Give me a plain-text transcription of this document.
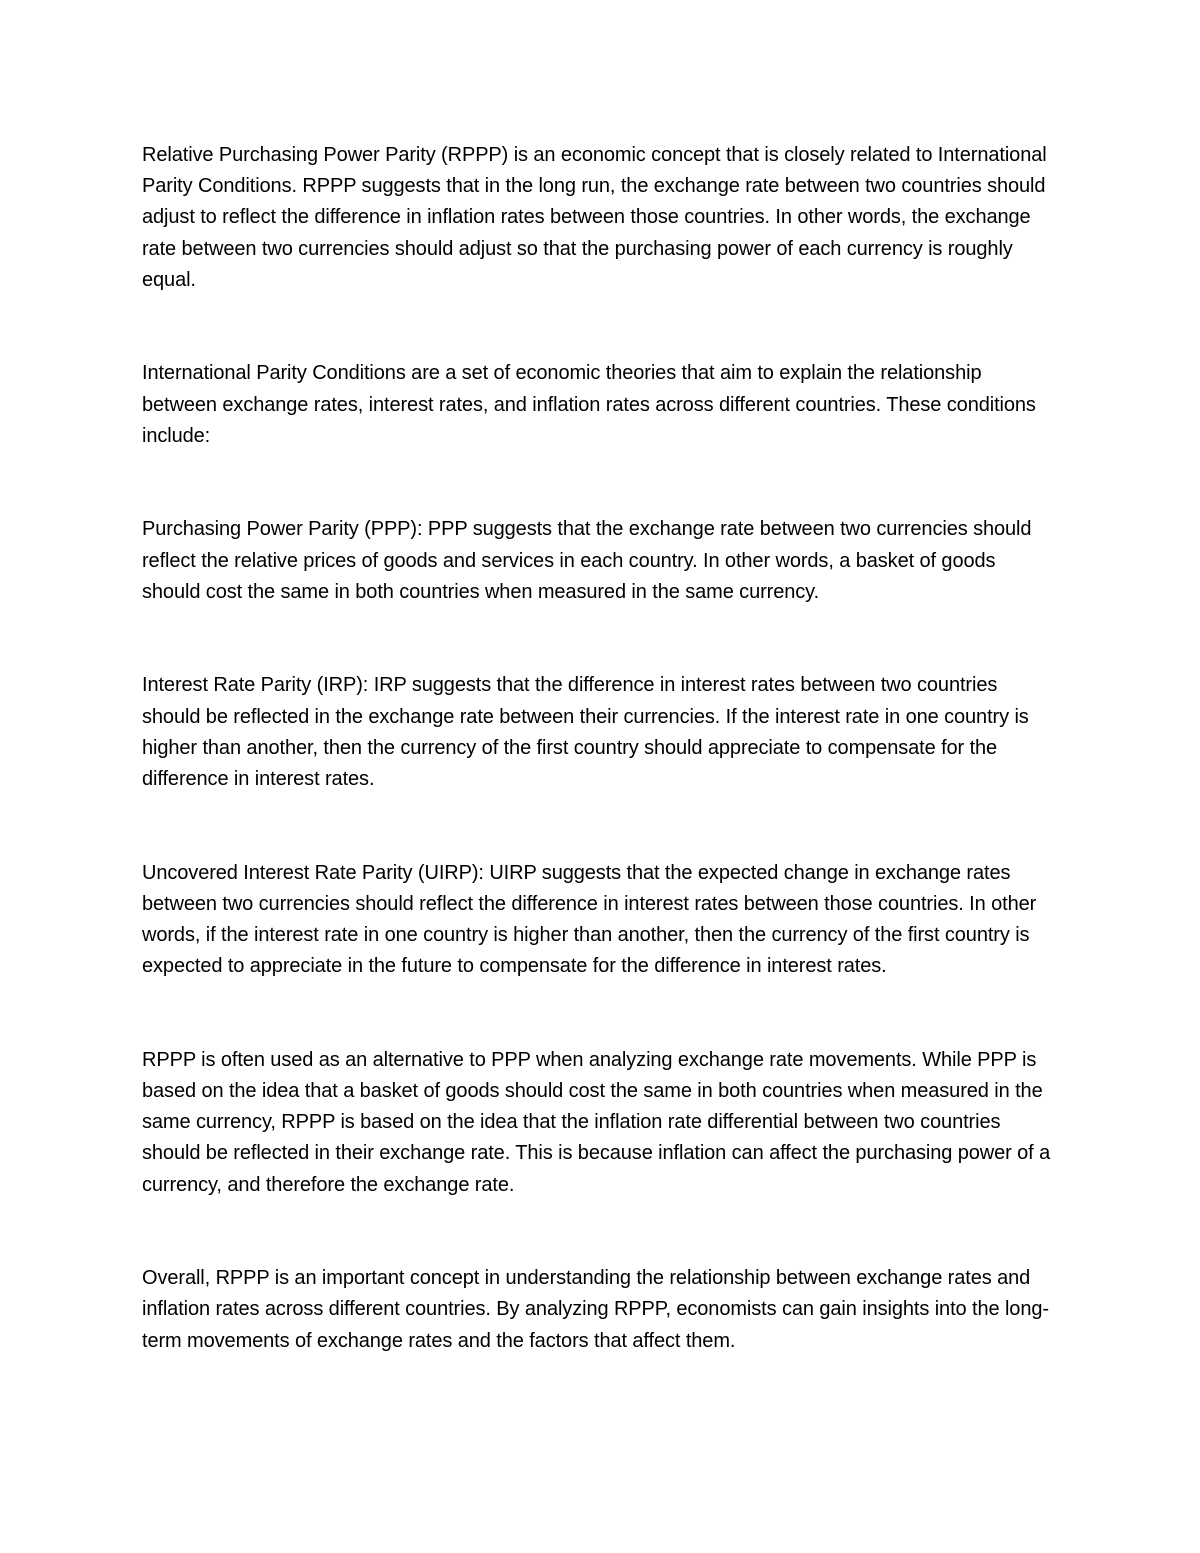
Relative Purchasing Power Parity (RPPP) is an economic concept that is closely related to International Parity Conditions. RPPP suggests that in the long run, the exchange rate between two countries should adjust to reflect the difference in inflation rates between those countries. In other words, the exchange rate between two currencies should adjust so that the purchasing power of each currency is roughly equal.

International Parity Conditions are a set of economic theories that aim to explain the relationship between exchange rates, interest rates, and inflation rates across different countries. These conditions include:

Purchasing Power Parity (PPP): PPP suggests that the exchange rate between two currencies should reflect the relative prices of goods and services in each country. In other words, a basket of goods should cost the same in both countries when measured in the same currency.

Interest Rate Parity (IRP): IRP suggests that the difference in interest rates between two countries should be reflected in the exchange rate between their currencies. If the interest rate in one country is higher than another, then the currency of the first country should appreciate to compensate for the difference in interest rates.

Uncovered Interest Rate Parity (UIRP): UIRP suggests that the expected change in exchange rates between two currencies should reflect the difference in interest rates between those countries. In other words, if the interest rate in one country is higher than another, then the currency of the first country is expected to appreciate in the future to compensate for the difference in interest rates.

RPPP is often used as an alternative to PPP when analyzing exchange rate movements. While PPP is based on the idea that a basket of goods should cost the same in both countries when measured in the same currency, RPPP is based on the idea that the inflation rate differential between two countries should be reflected in their exchange rate. This is because inflation can affect the purchasing power of a currency, and therefore the exchange rate.

Overall, RPPP is an important concept in understanding the relationship between exchange rates and inflation rates across different countries. By analyzing RPPP, economists can gain insights into the long-term movements of exchange rates and the factors that affect them.
